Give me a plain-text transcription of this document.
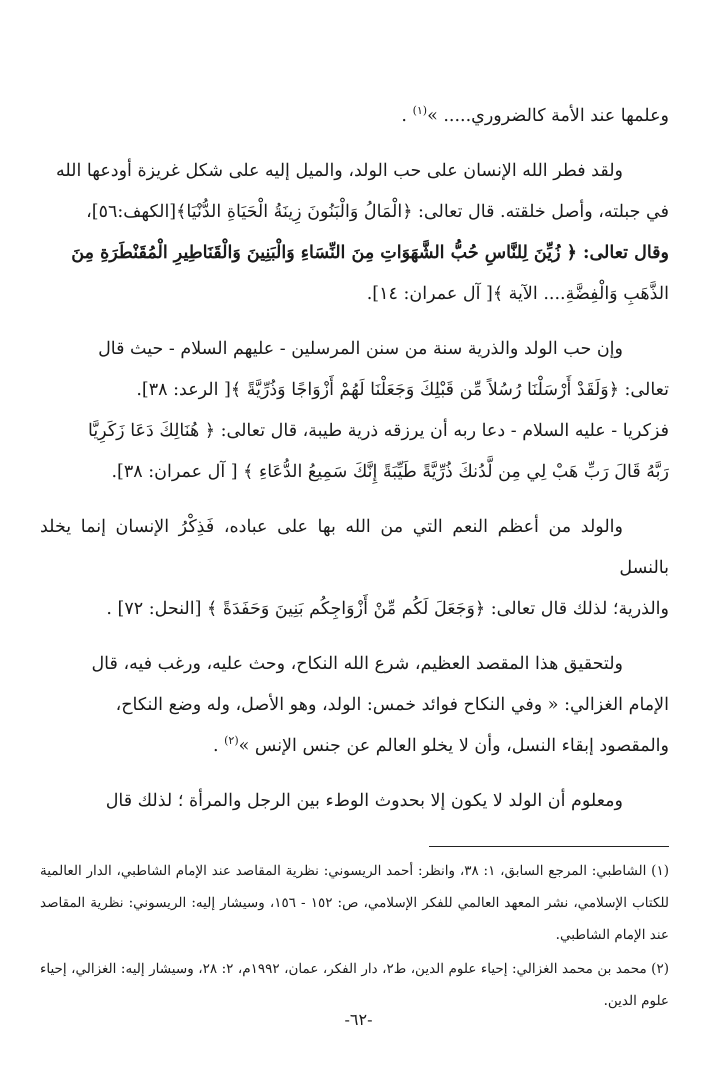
وعلمها عند الأمة كالضروري..... »$^{(١)}$ .

ولقد فطر الله الإنسان على حب الولد، والميل إليه على شكل غريزة أودعها الله

في جبلته، وأصل خلقته. قال تعالى: ﴿الْمَالُ وَالْبَنُونَ زِينَةُ الْحَيَاةِ الدُّنْيَا﴾[الكهف:٥٦]،

وقال تعالى: ﴿ زُيِّنَ لِلنَّاسِ حُبُّ الشَّهَوَاتِ مِنَ النِّسَاءِ وَالْبَنِينَ وَالْقَنَاطِيرِ الْمُقَنْطَرَةِ مِنَ

الذَّهَبِ وَالْفِضَّةِ.... الآية ﴾[ آل عمران: ١٤].

وإن حب الولد والذرية سنة من سنن المرسلين - عليهم السلام - حيث قال

تعالى: ﴿وَلَقَدْ أَرْسَلْنَا رُسُلاً مِّن قَبْلِكَ وَجَعَلْنَا لَهُمْ أَزْوَاجًا وَذُرِّيَّةً ﴾[ الرعد: ٣٨].

فزكريا - عليه السلام - دعا ربه أن يرزقه ذرية طيبة، قال تعالى: ﴿ هُنَالِكَ دَعَا زَكَرِيَّا

رَبَّهُ قَالَ رَبِّ هَبْ لِي مِن لَّدُنكَ ذُرِّيَّةً طَيِّبَةً إِنَّكَ سَمِيعُ الدُّعَاءِ ﴾ [ آل عمران: ٣٨].

والولد من أعظم النعم التي من الله بها على عباده، فَذِكْرُ الإنسان إنما يخلد بالنسل

والذرية؛ لذلك قال تعالى: ﴿وَجَعَلَ لَكُم مِّنْ أَزْوَاجِكُم بَنِينَ وَحَفَدَةً ﴾ [النحل: ٧٢] .

ولتحقيق هذا المقصد العظيم، شرع الله النكاح، وحث عليه، ورغب فيه، قال

الإمام الغزالي: « وفي النكاح فوائد خمس: الولد، وهو الأصل، وله وضع النكاح،

والمقصود إبقاء النسل، وأن لا يخلو العالم عن جنس الإنس »$^{(٢)}$ .

ومعلوم أن الولد لا يكون إلا بحدوث الوطء بين الرجل والمرأة ؛ لذلك قال

(١) الشاطبي: المرجع السابق، ١: ٣٨، وانظر: أحمد الريسوني: نظرية المقاصد عند الإمام الشاطبي، الدار العالمية للكتاب الإسلامي، نشر المعهد العالمي للفكر الإسلامي، ص: ١٥٢ - ١٥٦، وسيشار إليه: الريسوني: نظرية المقاصد عند الإمام الشاطبي.

(٢) محمد بن محمد الغزالي: إحياء علوم الدين، ط٢، دار الفكر، عمان، ١٩٩٢م، ٢: ٢٨، وسيشار إليه: الغزالي، إحياء علوم الدين.

-٦٢-
